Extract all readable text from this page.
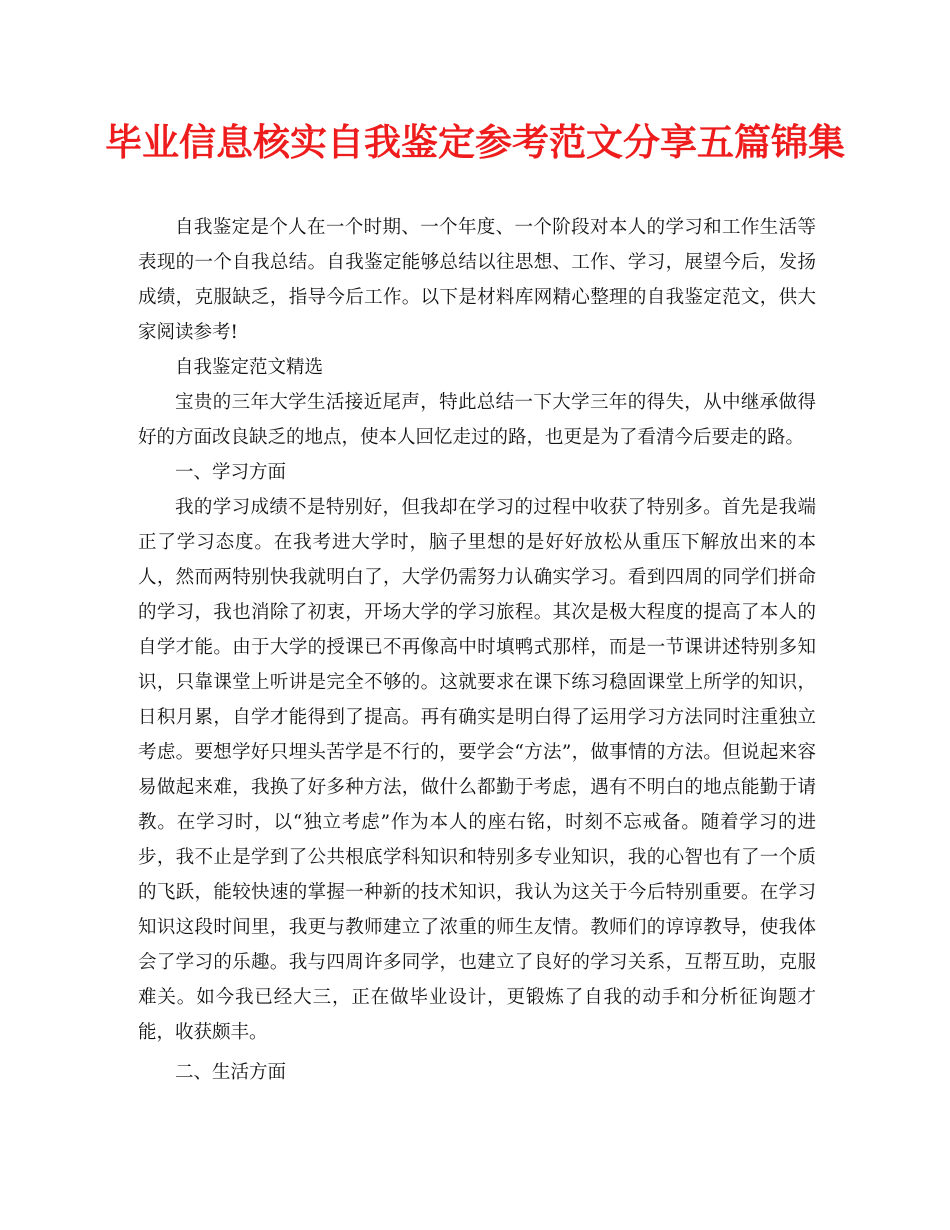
毕业信息核实自我鉴定参考范文分享五篇锦集

自我鉴定是个人在一个时期、一个年度、一个阶段对本人的学习和工作生活等表现的一个自我总结。自我鉴定能够总结以往思想、工作、学习，展望今后，发扬成绩，克服缺乏，指导今后工作。以下是材料库网精心整理的自我鉴定范文，供大家阅读参考!

自我鉴定范文精选

宝贵的三年大学生活接近尾声，特此总结一下大学三年的得失，从中继承做得好的方面改良缺乏的地点，使本人回忆走过的路，也更是为了看清今后要走的路。

一、学习方面

我的学习成绩不是特别好，但我却在学习的过程中收获了特别多。首先是我端正了学习态度。在我考进大学时，脑子里想的是好好放松从重压下解放出来的本人，然而两特别快我就明白了，大学仍需努力认确实学习。看到四周的同学们拼命的学习，我也消除了初衷，开场大学的学习旅程。其次是极大程度的提高了本人的自学才能。由于大学的授课已不再像高中时填鸭式那样，而是一节课讲述特别多知识，只靠课堂上听讲是完全不够的。这就要求在课下练习稳固课堂上所学的知识，日积月累，自学才能得到了提高。再有确实是明白得了运用学习方法同时注重独立考虑。要想学好只埋头苦学是不行的，要学会“方法”，做事情的方法。但说起来容易做起来难，我换了好多种方法，做什么都勤于考虑，遇有不明白的地点能勤于请教。在学习时，以“独立考虑”作为本人的座右铭，时刻不忘戒备。随着学习的进步，我不止是学到了公共根底学科知识和特别多专业知识，我的心智也有了一个质的飞跃，能较快速的掌握一种新的技术知识，我认为这关于今后特别重要。在学习知识这段时间里，我更与教师建立了浓重的师生友情。教师们的谆谆教导，使我体会了学习的乐趣。我与四周许多同学，也建立了良好的学习关系，互帮互助，克服难关。如今我已经大三，正在做毕业设计，更锻炼了自我的动手和分析征询题才能，收获颇丰。

二、生活方面
